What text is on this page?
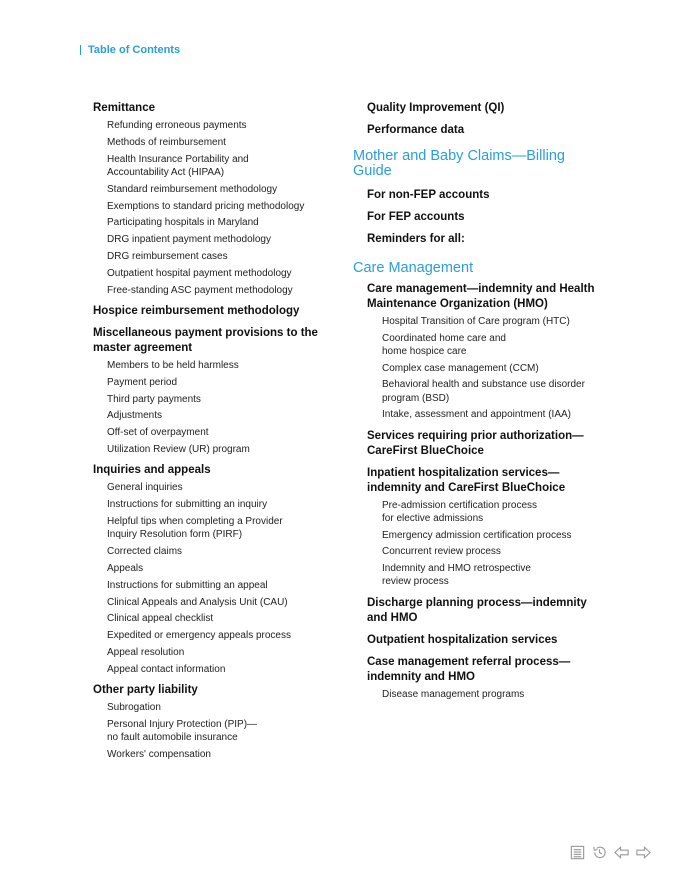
Table of Contents
Remittance
Refunding erroneous payments
Methods of reimbursement
Health Insurance Portability and Accountability Act (HIPAA)
Standard reimbursement methodology
Exemptions to standard pricing methodology
Participating hospitals in Maryland
DRG inpatient payment methodology
DRG reimbursement cases
Outpatient hospital payment methodology
Free-standing ASC payment methodology
Hospice reimbursement methodology
Miscellaneous payment provisions to the master agreement
Members to be held harmless
Payment period
Third party payments
Adjustments
Off-set of overpayment
Utilization Review (UR) program
Inquiries and appeals
General inquiries
Instructions for submitting an inquiry
Helpful tips when completing a Provider Inquiry Resolution form (PIRF)
Corrected claims
Appeals
Instructions for submitting an appeal
Clinical Appeals and Analysis Unit (CAU)
Clinical appeal checklist
Expedited or emergency appeals process
Appeal resolution
Appeal contact information
Other party liability
Subrogation
Personal Injury Protection (PIP)—
no fault automobile insurance
Workers' compensation
Quality Improvement (QI)
Performance data
Mother and Baby Claims—Billing Guide
For non-FEP accounts
For FEP accounts
Reminders for all:
Care Management
Care management—indemnity and Health Maintenance Organization (HMO)
Hospital Transition of Care program (HTC)
Coordinated home care and
home hospice care
Complex case management (CCM)
Behavioral health and substance use disorder program (BSD)
Intake, assessment and appointment (IAA)
Services requiring prior authorization—CareFirst BlueChoice
Inpatient hospitalization services—indemnity and CareFirst BlueChoice
Pre-admission certification process
for elective admissions
Emergency admission certification process
Concurrent review process
Indemnity and HMO retrospective
review process
Discharge planning process—indemnity and HMO
Outpatient hospitalization services
Case management referral process—indemnity and HMO
Disease management programs
